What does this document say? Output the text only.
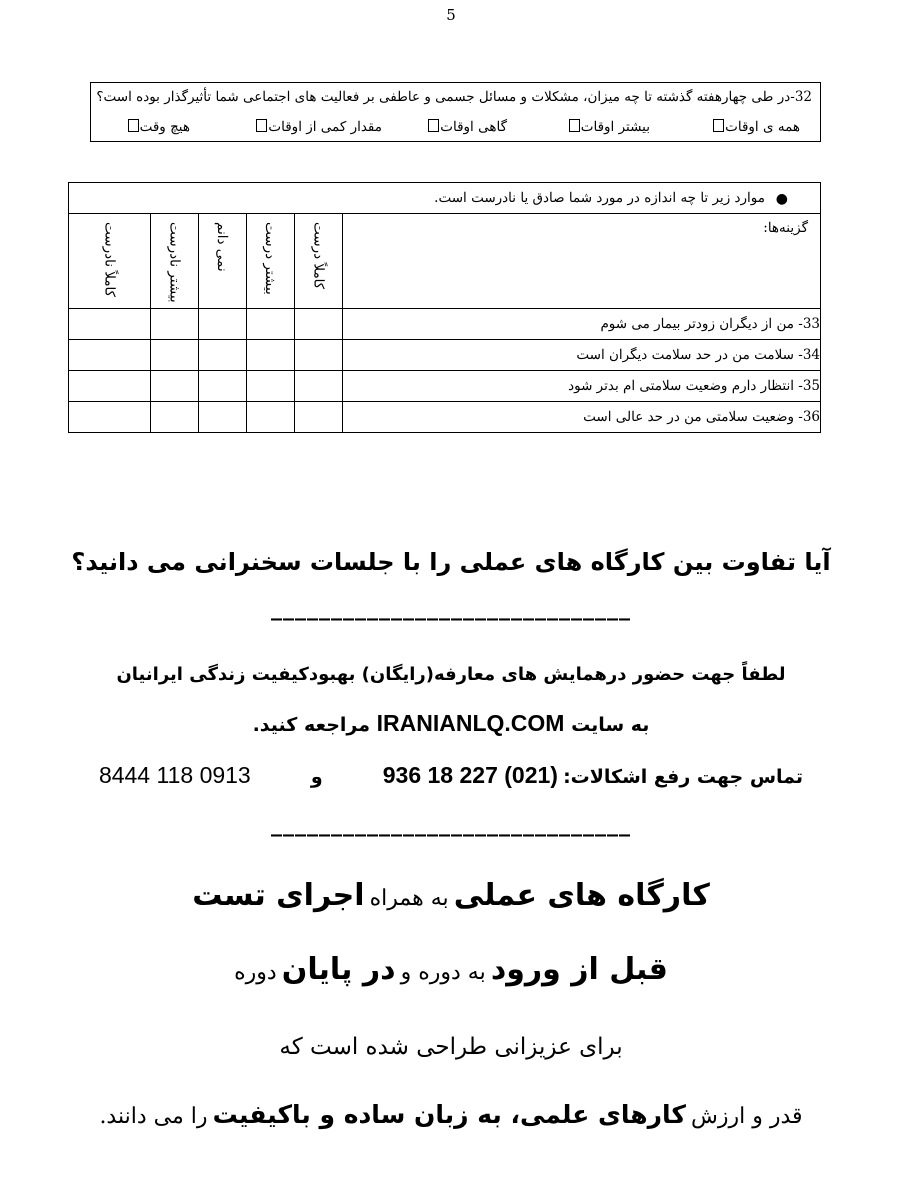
5
32-در طی چهارهفته گذشته تا چه میزان، مشکلات و مسائل جسمی و عاطفی بر فعالیت های اجتماعی شما تأثیرگذار بوده است؟
همه ی اوقات
بیشتر اوقات
گاهی اوقات
مقدار کمی از اوقات
هیچ وقت
●
موارد زیر تا چه اندازه در مورد شما صادق یا نادرست است.					

گزینه‌ها:	کاملاً درست	بیشتر درست	نمی دانم	بیشتر نادرست	کاملاً نادرست

33- من از دیگران زودتر بیمار می شوم					
34- سلامت من در حد سلامت دیگران است					
35- انتظار دارم وضعیت سلامتی ام بدتر شود					
36- وضعیت سلامتی من در حد عالی است					
آیا تفاوت بین کارگاه های عملی را با جلسات سخنرانی می دانید؟
______________________________
لطفاً جهت حضور درهمایش های معارفه(رایگان) بهبودکیفیت زندگی ایرانیان
به سایت IRANIANLQ.COM مراجعه کنید.
تماس جهت رفع اشکالات: (021) 227 18 936 و 0913 118 8444
______________________________
کارگاه های عملی به همراه اجرای تست
قبل از ورود به دوره و در پایان دوره
برای عزیزانی طراحی شده است که
قدر و ارزش کارهای علمی، به زبان ساده و باکیفیت را می دانند.
